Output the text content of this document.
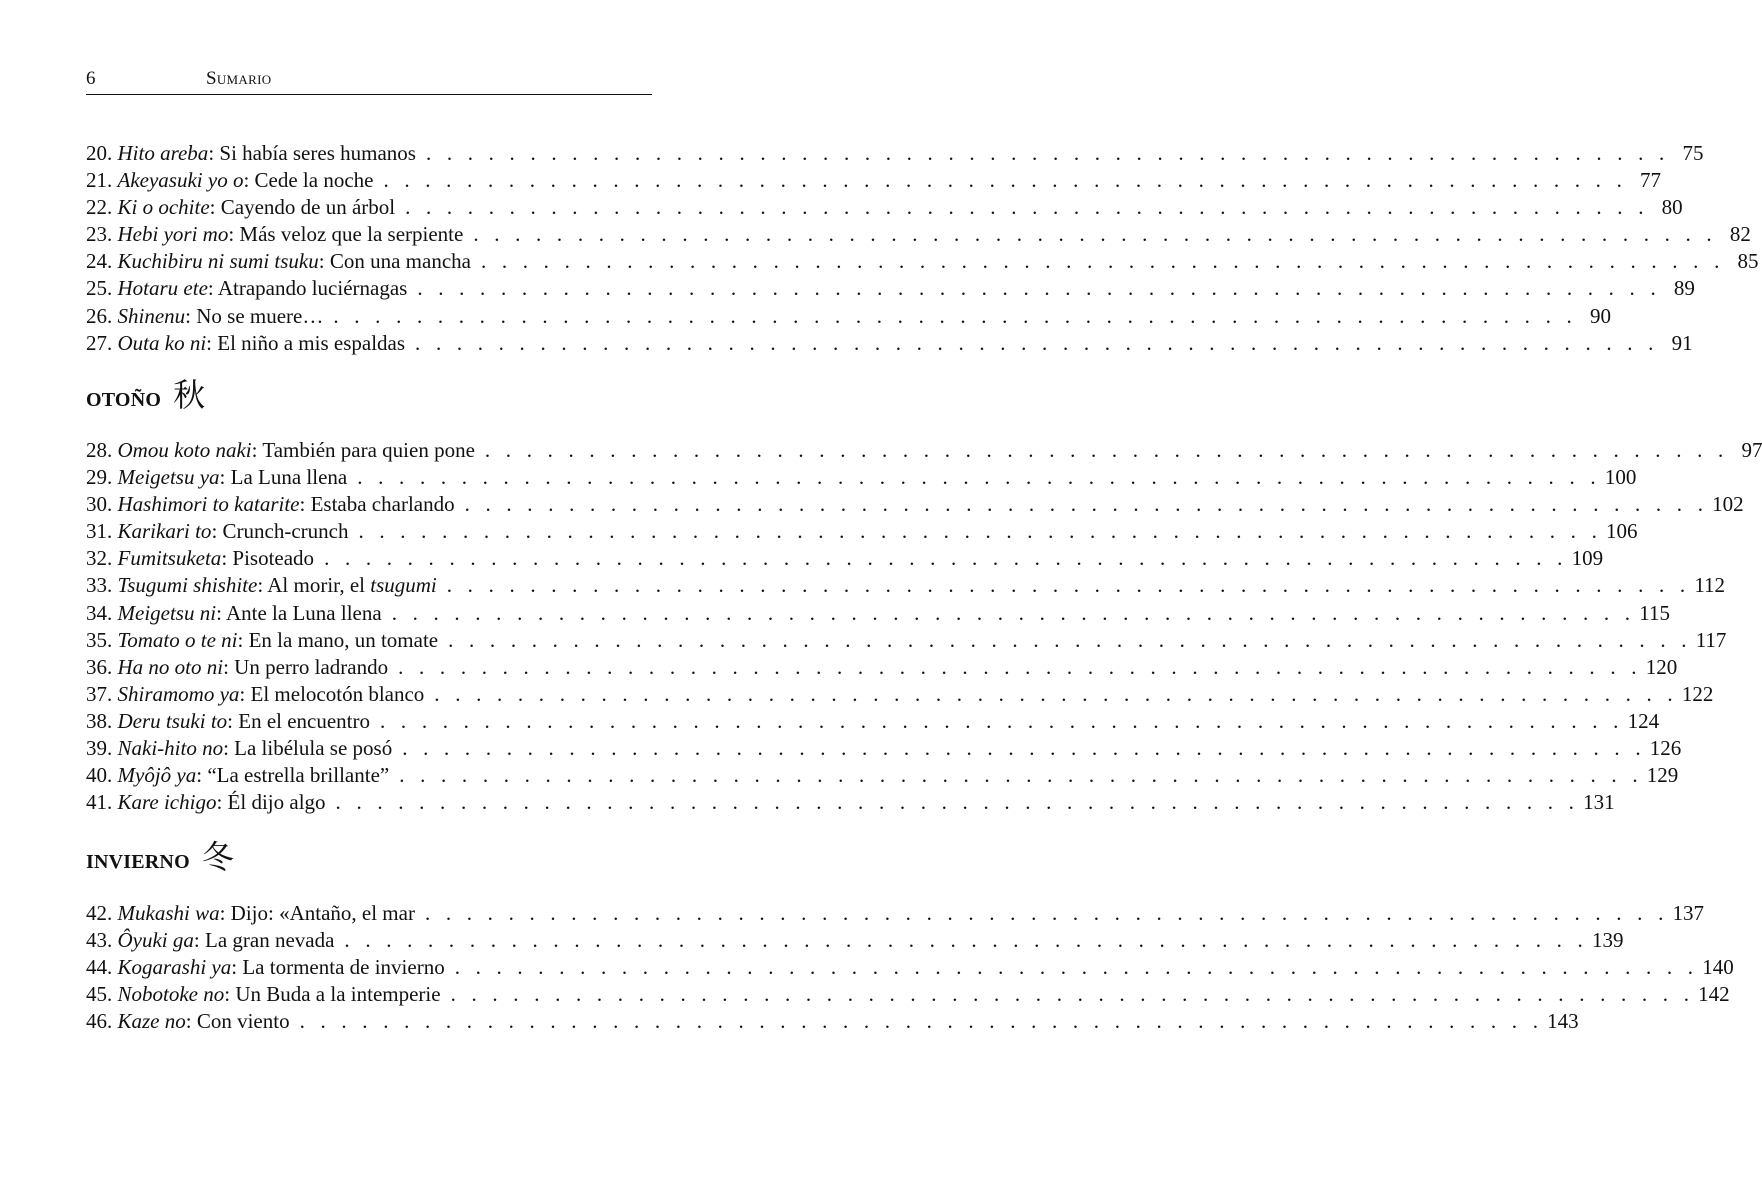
6	Sumario
20. Hito areba: Si había seres humanos . . . . . . . . . . . . . . . . . . . . . . . . . . . . . . . . . . . . . . . . . . . . . . . . . . . . . . . . . . . . 75
21. Akeyasuki yo o: Cede la noche . . . . . . . . . . . . . . . . . . . . . . . . . . . . . . . . . . . . . . . . . . . . . . . . . . . . . . . . . . . . 77
22. Ki o ochite: Cayendo de un árbol . . . . . . . . . . . . . . . . . . . . . . . . . . . . . . . . . . . . . . . . . . . . . . . . . . . . . . . . . . . . 80
23. Hebi yori mo: Más veloz que la serpiente . . . . . . . . . . . . . . . . . . . . . . . . . . . . . . . . . . . . . . . . . . . . . . . . . . . . . . . . . . . . 82
24. Kuchibiru ni sumi tsuku: Con una mancha . . . . . . . . . . . . . . . . . . . . . . . . . . . . . . . . . . . . . . . . . . . . . . . . . . . . . . . . . . . . 85
25. Hotaru ete: Atrapando luciérnagas . . . . . . . . . . . . . . . . . . . . . . . . . . . . . . . . . . . . . . . . . . . . . . . . . . . . . . . . . . . . 89
26. Shinenu: No se muere… . . . . . . . . . . . . . . . . . . . . . . . . . . . . . . . . . . . . . . . . . . . . . . . . . . . . . . . . . . . . 90
27. Outa ko ni: El niño a mis espaldas . . . . . . . . . . . . . . . . . . . . . . . . . . . . . . . . . . . . . . . . . . . . . . . . . . . . . . . . . . . . 91
OTOÑO 秋
28. Omou koto naki: También para quien pone . . . . . . . . . . . . . . . . . . . . . . . . . . . . . . . . . . . . . . . . . . . . . . . . . . . . . . . . . . . . 97
29. Meigetsu ya: La Luna llena . . . . . . . . . . . . . . . . . . . . . . . . . . . . . . . . . . . . . . . . . . . . . . . . . . . . . . . . . . . . 100
30. Hashimori to katarite: Estaba charlando . . . . . . . . . . . . . . . . . . . . . . . . . . . . . . . . . . . . . . . . . . . . . . . . . . . . . . . . . . . . 102
31. Karikari to: Crunch-crunch . . . . . . . . . . . . . . . . . . . . . . . . . . . . . . . . . . . . . . . . . . . . . . . . . . . . . . . . . . . . 106
32. Fumitsuketa: Pisoteado . . . . . . . . . . . . . . . . . . . . . . . . . . . . . . . . . . . . . . . . . . . . . . . . . . . . . . . . . . . . 109
33. Tsugumi shishite: Al morir, el tsugumi . . . . . . . . . . . . . . . . . . . . . . . . . . . . . . . . . . . . . . . . . . . . . . . . . . . . . . . . . . . . 112
34. Meigetsu ni: Ante la Luna llena . . . . . . . . . . . . . . . . . . . . . . . . . . . . . . . . . . . . . . . . . . . . . . . . . . . . . . . . . . . . 115
35. Tomato o te ni: En la mano, un tomate . . . . . . . . . . . . . . . . . . . . . . . . . . . . . . . . . . . . . . . . . . . . . . . . . . . . . . . . . . . . 117
36. Ha no oto ni: Un perro ladrando . . . . . . . . . . . . . . . . . . . . . . . . . . . . . . . . . . . . . . . . . . . . . . . . . . . . . . . . . . . . 120
37. Shiramomo ya: El melocotón blanco . . . . . . . . . . . . . . . . . . . . . . . . . . . . . . . . . . . . . . . . . . . . . . . . . . . . . . . . . . . . 122
38. Deru tsuki to: En el encuentro . . . . . . . . . . . . . . . . . . . . . . . . . . . . . . . . . . . . . . . . . . . . . . . . . . . . . . . . . . . . 124
39. Naki-hito no: La libélula se posó . . . . . . . . . . . . . . . . . . . . . . . . . . . . . . . . . . . . . . . . . . . . . . . . . . . . . . . . . . . . 126
40. Myôjô ya: “La estrella brillante” . . . . . . . . . . . . . . . . . . . . . . . . . . . . . . . . . . . . . . . . . . . . . . . . . . . . . . . . . . . . 129
41. Kare ichigo: Él dijo algo . . . . . . . . . . . . . . . . . . . . . . . . . . . . . . . . . . . . . . . . . . . . . . . . . . . . . . . . . . . . 131
INVIERNO 冬
42. Mukashi wa: Dijo: «Antaño, el mar . . . . . . . . . . . . . . . . . . . . . . . . . . . . . . . . . . . . . . . . . . . . . . . . . . . . . . . . . . . . 137
43. Ôyuki ga: La gran nevada . . . . . . . . . . . . . . . . . . . . . . . . . . . . . . . . . . . . . . . . . . . . . . . . . . . . . . . . . . . . 139
44. Kogarashi ya: La tormenta de invierno . . . . . . . . . . . . . . . . . . . . . . . . . . . . . . . . . . . . . . . . . . . . . . . . . . . . . . . . . . . . 140
45. Nobotoke no: Un Buda a la intemperie . . . . . . . . . . . . . . . . . . . . . . . . . . . . . . . . . . . . . . . . . . . . . . . . . . . . . . . . . . . . 142
46. Kaze no: Con viento . . . . . . . . . . . . . . . . . . . . . . . . . . . . . . . . . . . . . . . . . . . . . . . . . . . . . . . . . . . . 143
